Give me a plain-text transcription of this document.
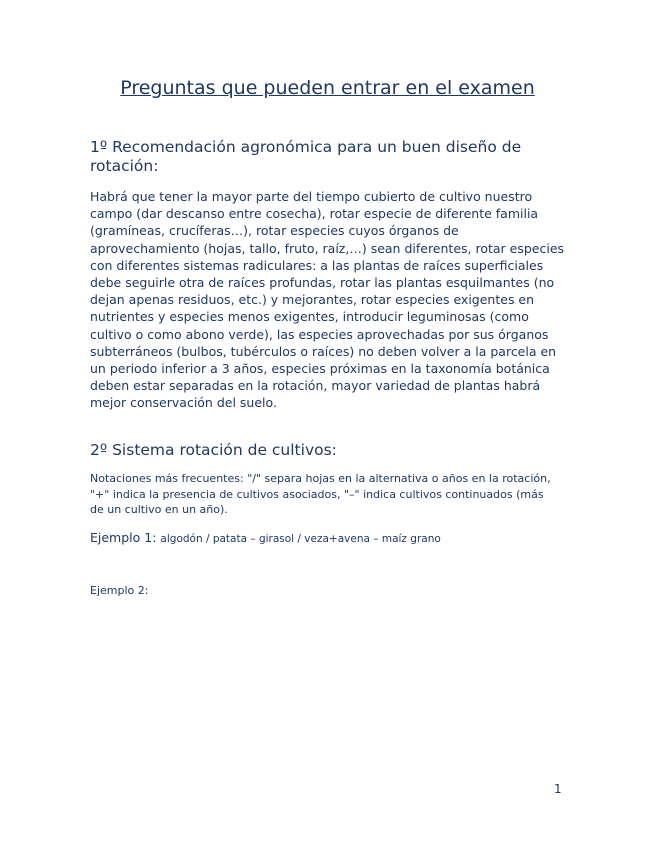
Preguntas que pueden entrar en el examen
1º Recomendación agronómica para un buen diseño de rotación:

Habrá que tener la mayor parte del tiempo cubierto de cultivo nuestro campo (dar descanso entre cosecha), rotar especie de diferente familia (gramíneas, crucíferas…), rotar especies cuyos órganos de aprovechamiento (hojas, tallo, fruto, raíz,…) sean diferentes, rotar especies con diferentes sistemas radiculares: a las plantas de raíces superficiales debe seguirle otra de raíces profundas, rotar las plantas esquilmantes (no dejan apenas residuos, etc.) y mejorantes, rotar especies exigentes en nutrientes y especies menos exigentes, introducir leguminosas (como cultivo o como abono verde), las especies aprovechadas por sus órganos subterráneos (bulbos, tubérculos o raíces) no deben volver a la parcela en un periodo inferior a 3 años, especies próximas en la taxonomía botánica deben estar separadas en la rotación, mayor variedad de plantas habrá mejor conservación del suelo.

2º Sistema rotación de cultivos:

Notaciones más frecuentes: "/" separa hojas en la alternativa o años en la rotación, "+" indica la presencia de cultivos asociados, "–" indica cultivos continuados (más de un cultivo en un año).

Ejemplo 1: algodón / patata – girasol / veza+avena – maíz grano

Ejemplo 2:

1
